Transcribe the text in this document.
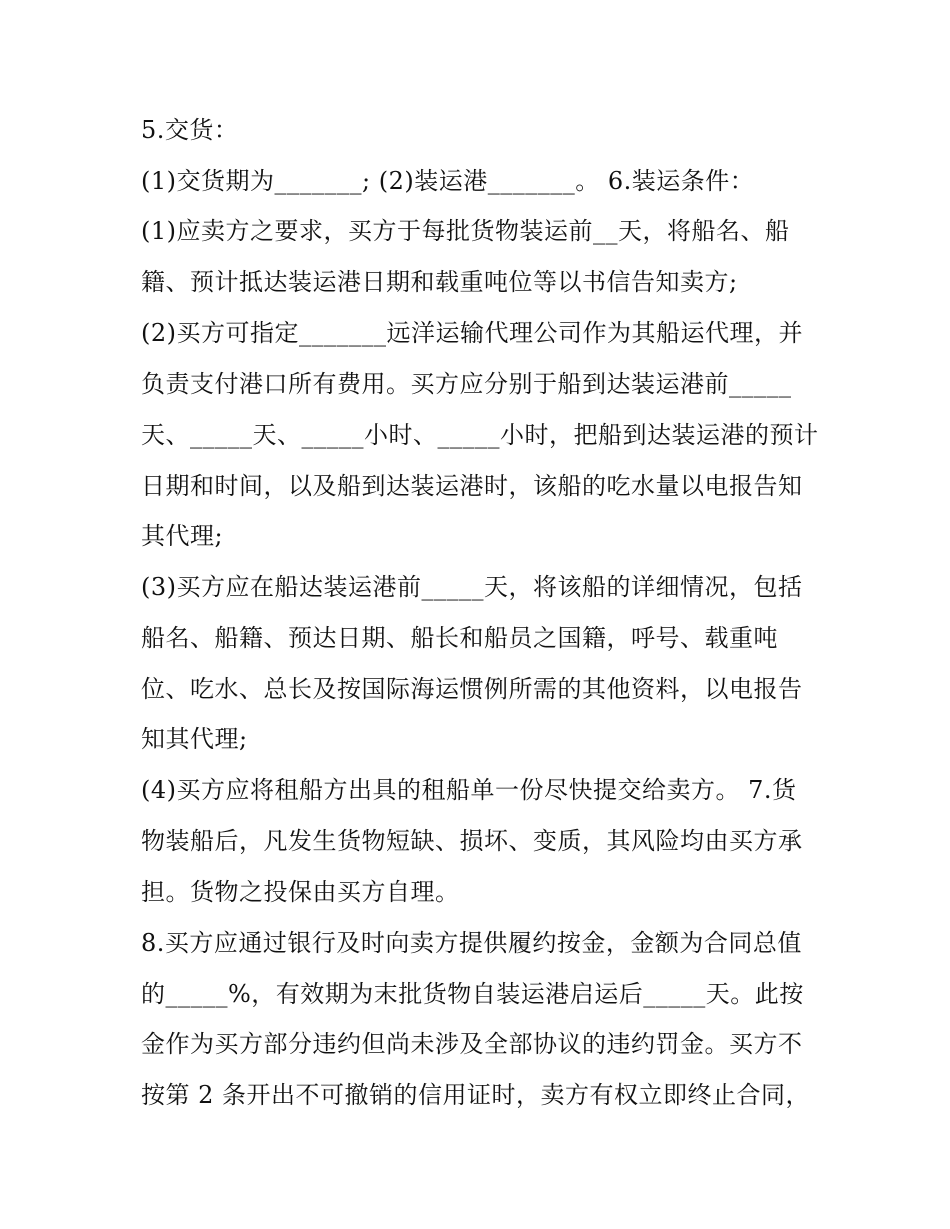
5.交货：
(1)交货期为_______; (2)装运港_______。 6.装运条件：
(1)应卖方之要求，买方于每批货物装运前__天，将船名、船
籍、预计抵达装运港日期和载重吨位等以书信告知卖方;
(2)买方可指定_______远洋运输代理公司作为其船运代理，并
负责支付港口所有费用。买方应分别于船到达装运港前_____
天、_____天、_____小时、_____小时，把船到达装运港的预计
日期和时间，以及船到达装运港时，该船的吃水量以电报告知
其代理;
(3)买方应在船达装运港前_____天，将该船的详细情况，包括
船名、船籍、预达日期、船长和船员之国籍，呼号、载重吨
位、吃水、总长及按国际海运惯例所需的其他资料，以电报告
知其代理;
(4)买方应将租船方出具的租船单一份尽快提交给卖方。 7.货
物装船后，凡发生货物短缺、损坏、变质，其风险均由买方承
担。货物之投保由买方自理。
8.买方应通过银行及时向卖方提供履约按金，金额为合同总值
的_____%，有效期为末批货物自装运港启运后_____天。此按
金作为买方部分违约但尚未涉及全部协议的违约罚金。买方不
按第 2 条开出不可撤销的信用证时，卖方有权立即终止合同，
